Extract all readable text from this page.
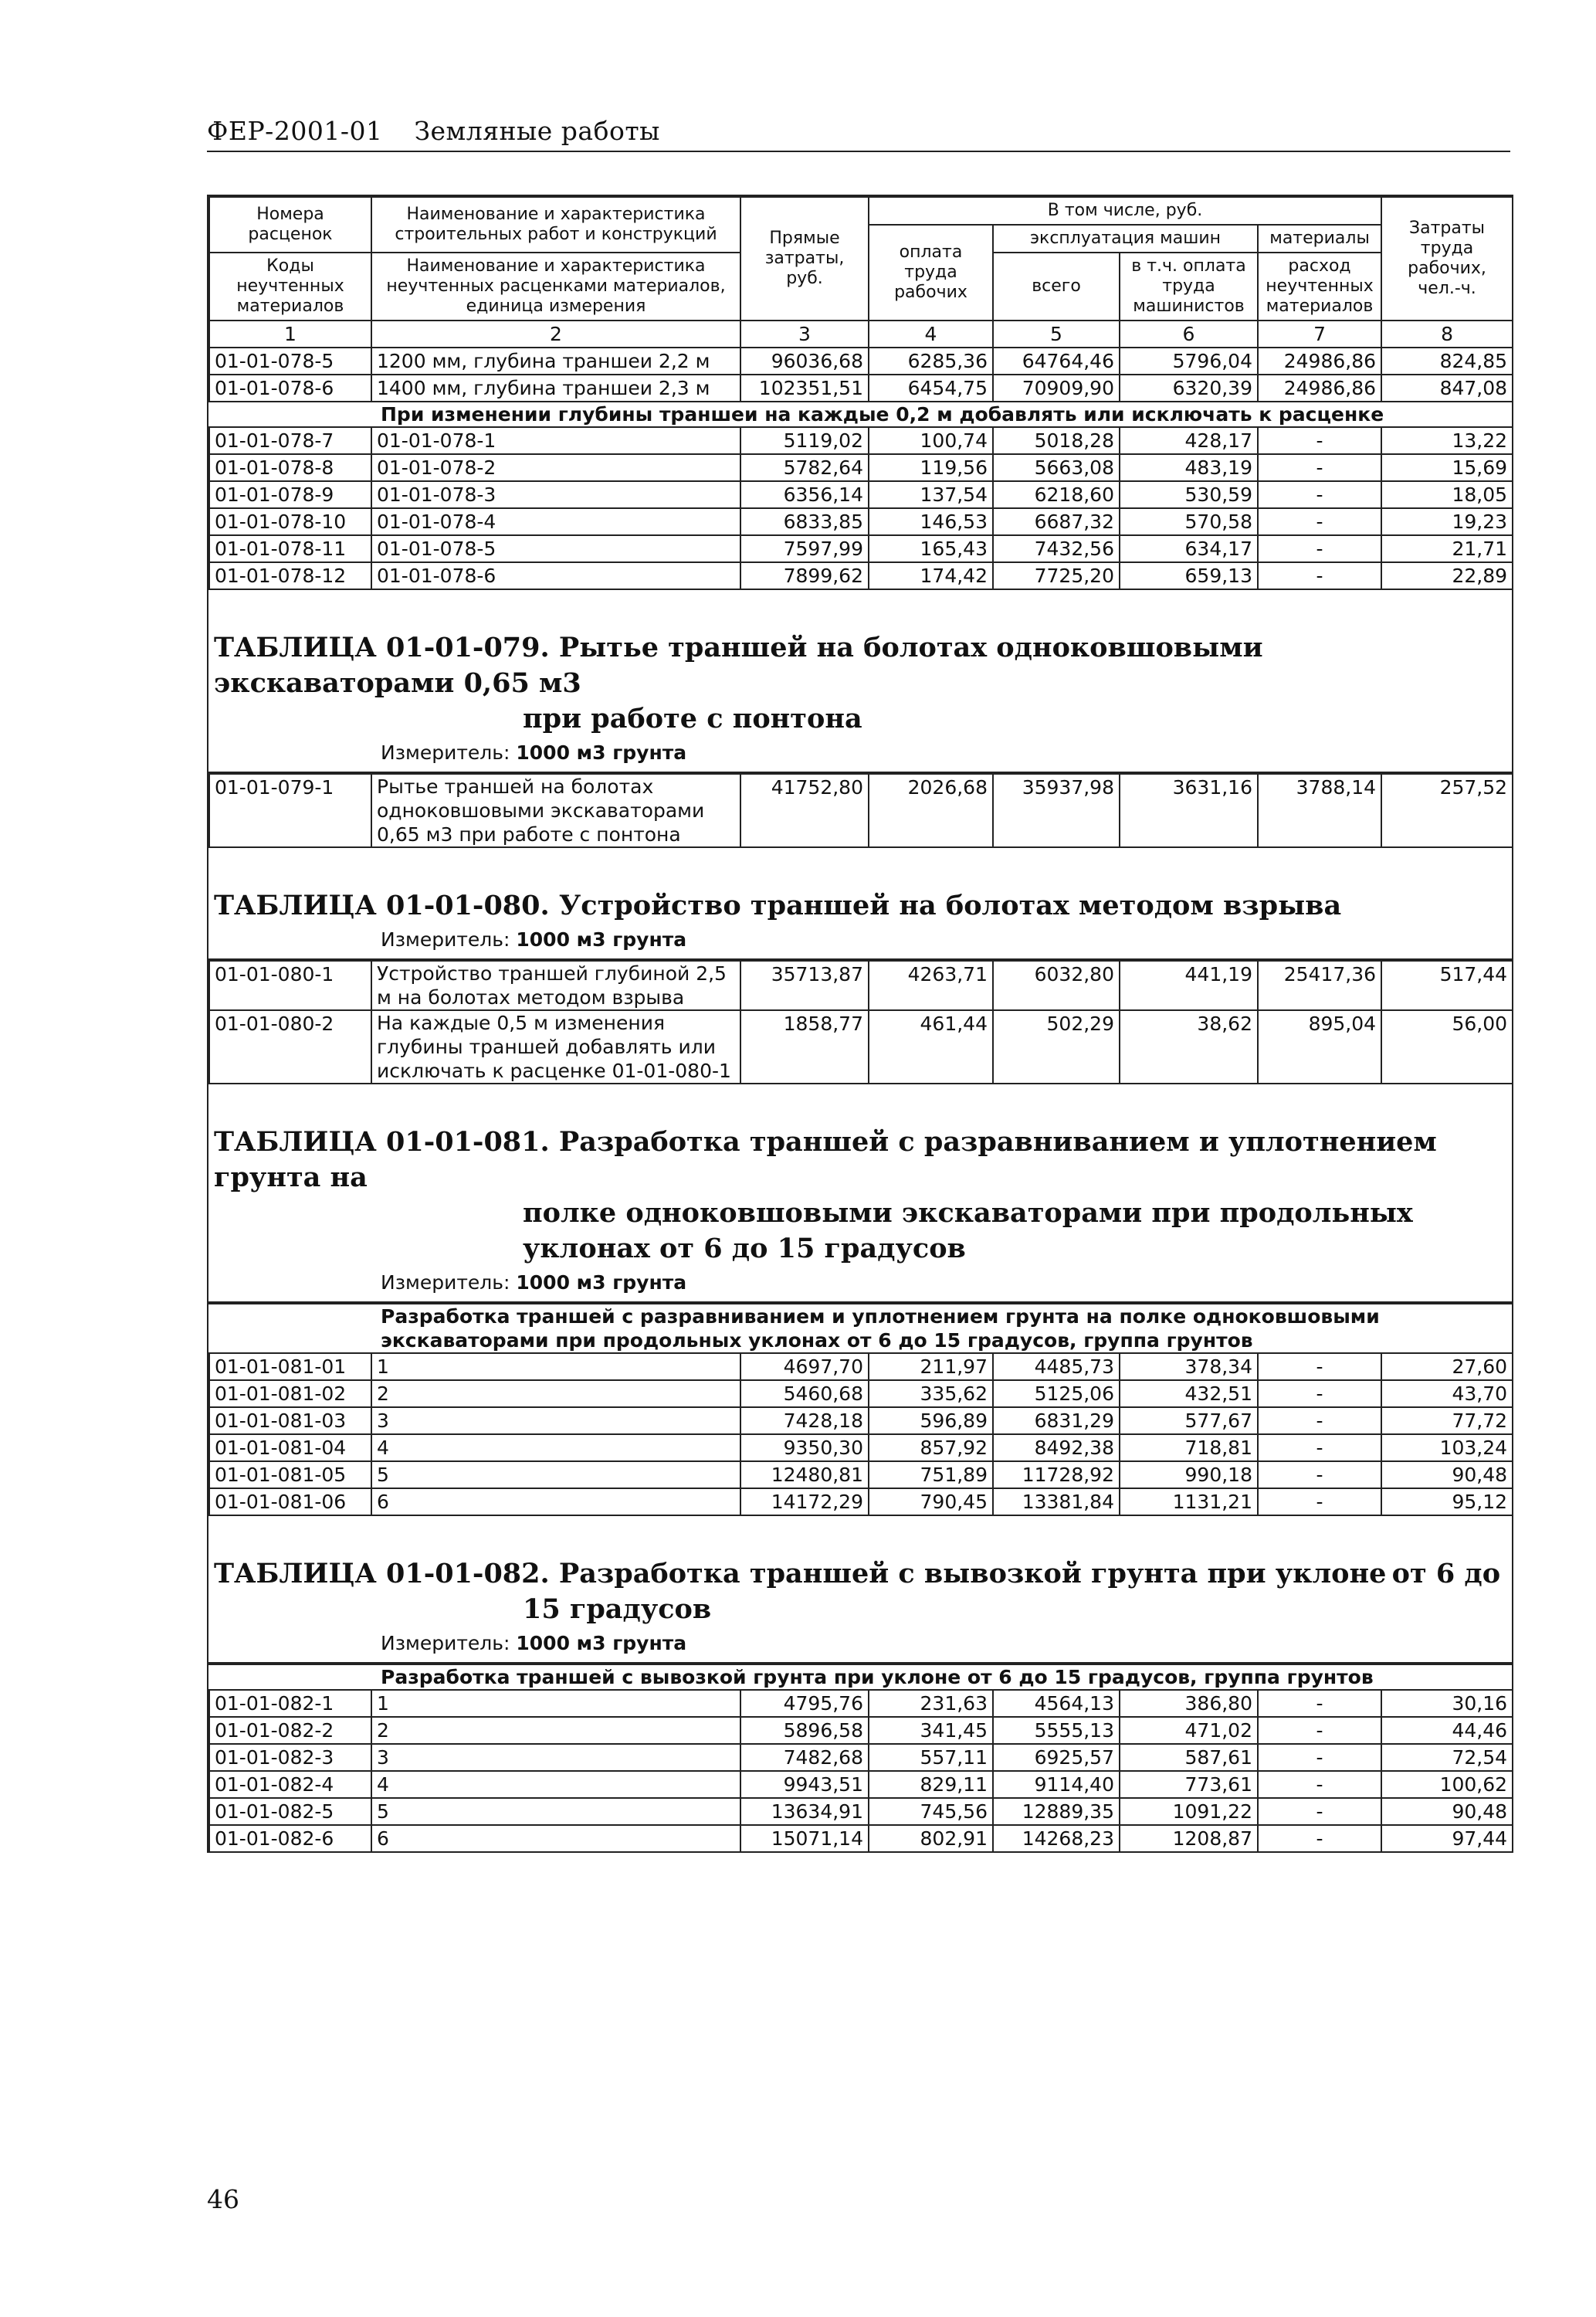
ФЕР-2001-01 Земляные работы
Номера расценок	Наименование и характеристика строительных работ и конструкций	Прямые затраты, руб.	В том числе, руб.				Затраты труда рабочих, чел.-ч.
			оплата труда рабочих	эксплуатация машин		материалы	
Коды неучтенных материалов	Наименование и характеристика неучтенных расценками материалов, единица измерения			всего	в т.ч. оплата труда машинистов	расход неучтенных материалов	

1	2	3	4	5	6	7	8
01-01-078-5	1200 мм, глубина траншеи 2,2 м	96036,68	6285,36	64764,46	5796,04	24986,86	824,85
01-01-078-6	1400 мм, глубина траншеи 2,3 м	102351,51	6454,75	70909,90	6320,39	24986,86	847,08
	При изменении глубины траншеи на каждые 0,2 м добавлять или исключать к расценке						
01-01-078-7	01-01-078-1	5119,02	100,74	5018,28	428,17	-	13,22
01-01-078-8	01-01-078-2	5782,64	119,56	5663,08	483,19	-	15,69
01-01-078-9	01-01-078-3	6356,14	137,54	6218,60	530,59	-	18,05
01-01-078-10	01-01-078-4	6833,85	146,53	6687,32	570,58	-	19,23
01-01-078-11	01-01-078-5	7597,99	165,43	7432,56	634,17	-	21,71
01-01-078-12	01-01-078-6	7899,62	174,42	7725,20	659,13	-	22,89

ТАБЛИЦА 01-01-079. Рытье траншей на болотах одноковшовыми экскаваторами 0,65 м3
при работе с понтона							

	Измеритель: 1000 м3 грунта						

01-01-079-1	Рытье траншей на болотах одноковшовыми экскаваторами 0,65 м3 при работе с понтона	41752,80	2026,68	35937,98	3631,16	3788,14	257,52

ТАБЛИЦА 01-01-080. Устройство траншей на болотах методом взрыва							

	Измеритель: 1000 м3 грунта						

01-01-080-1	Устройство траншей глубиной 2,5 м на болотах методом взрыва	35713,87	4263,71	6032,80	441,19	25417,36	517,44
01-01-080-2	На каждые 0,5 м изменения глубины траншей добавлять или исключать к расценке 01-01-080-1	1858,77	461,44	502,29	38,62	895,04	56,00

ТАБЛИЦА 01-01-081. Разработка траншей с разравниванием и уплотнением грунта на
полке одноковшовыми экскаваторами при продольных уклонах от 6 до 15 градусов							

	Измеритель: 1000 м3 грунта						

	Разработка траншей с разравниванием и уплотнением грунта на полке одноковшовыми экскаваторами при продольных уклонах от 6 до 15 градусов, группа грунтов						
01-01-081-01	1	4697,70	211,97	4485,73	378,34	-	27,60
01-01-081-02	2	5460,68	335,62	5125,06	432,51	-	43,70
01-01-081-03	3	7428,18	596,89	6831,29	577,67	-	77,72
01-01-081-04	4	9350,30	857,92	8492,38	718,81	-	103,24
01-01-081-05	5	12480,81	751,89	11728,92	990,18	-	90,48
01-01-081-06	6	14172,29	790,45	13381,84	1131,21	-	95,12

ТАБЛИЦА 01-01-082. Разработка траншей с вывозкой грунта при уклоне от 6 до
15 градусов							

	Измеритель: 1000 м3 грунта						

	Разработка траншей с вывозкой грунта при уклоне от 6 до 15 градусов, группа грунтов						
01-01-082-1	1	4795,76	231,63	4564,13	386,80	-	30,16
01-01-082-2	2	5896,58	341,45	5555,13	471,02	-	44,46
01-01-082-3	3	7482,68	557,11	6925,57	587,61	-	72,54
01-01-082-4	4	9943,51	829,11	9114,40	773,61	-	100,62
01-01-082-5	5	13634,91	745,56	12889,35	1091,22	-	90,48
01-01-082-6	6	15071,14	802,91	14268,23	1208,87	-	97,44
46
